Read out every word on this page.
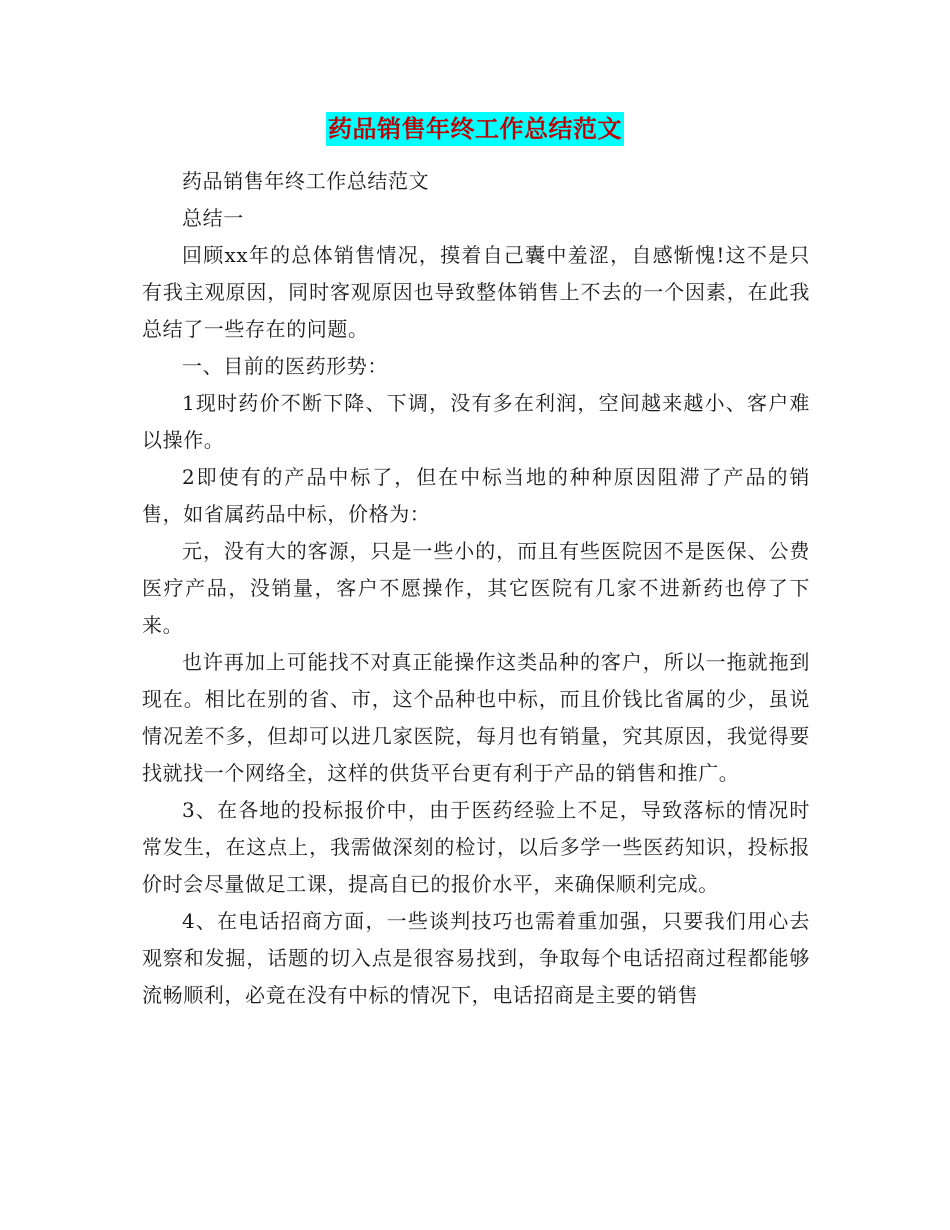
药品销售年终工作总结范文

药品销售年终工作总结范文

总结一

回顾xx年的总体销售情况，摸着自己囊中羞涩，自感惭愧!这不是只有我主观原因，同时客观原因也导致整体销售上不去的一个因素，在此我总结了一些存在的问题。

一、目前的医药形势：

1现时药价不断下降、下调，没有多在利润，空间越来越小、客户难以操作。

2即使有的产品中标了，但在中标当地的种种原因阻滞了产品的销售，如省属药品中标，价格为：

元，没有大的客源，只是一些小的，而且有些医院因不是医保、公费医疗产品，没销量，客户不愿操作，其它医院有几家不进新药也停了下来。

也许再加上可能找不对真正能操作这类品种的客户，所以一拖就拖到现在。相比在别的省、市，这个品种也中标，而且价钱比省属的少，虽说情况差不多，但却可以进几家医院，每月也有销量，究其原因，我觉得要找就找一个网络全，这样的供货平台更有利于产品的销售和推广。

3、在各地的投标报价中，由于医药经验上不足，导致落标的情况时常发生，在这点上，我需做深刻的检讨，以后多学一些医药知识，投标报价时会尽量做足工课，提高自已的报价水平，来确保顺利完成。

4、在电话招商方面，一些谈判技巧也需着重加强，只要我们用心去观察和发掘，话题的切入点是很容易找到，争取每个电话招商过程都能够流畅顺利，必竟在没有中标的情况下，电话招商是主要的销售
